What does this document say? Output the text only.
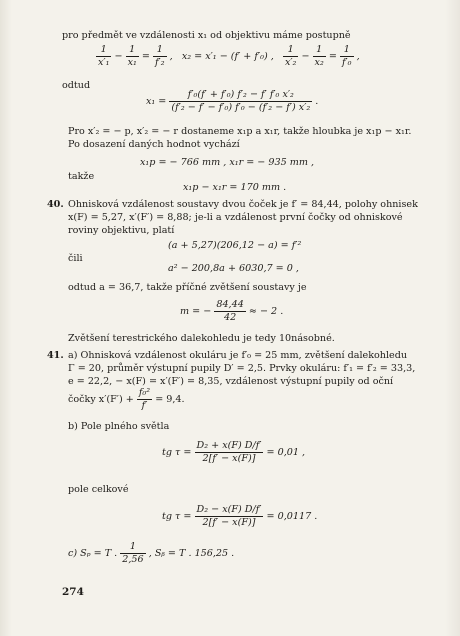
pro předmět ve vzdálenosti x₁ od objektivu máme postupně
$\frac{1}{\text{x′₁}} - \frac{1}{\text{x₁}} = \frac{1}{\text{f′₂}}$ ,   x₂ = x′₁ − (f′ + f′₀) , $\frac{1}{\text{x′₂}} - \frac{1}{\text{x₂}} = \frac{1}{\text{f′₀}}$ ,
odtud
$x_1 = \frac{\text{f′₀(f′ + f′₀) f′₂ − f′ f′₀ x′₂}}{\text{(f′₂ − f′ − f′₀) f′₀ − (f′₂ − f′) x′₂}}$ .
Pro x′₂ = − p, x′₂ = − r dostaneme x₁p a x₁r, takže hloubka je x₁p − x₁r.
Po dosazení daných hodnot vychází
x₁p = − 766 mm , x₁r = − 935 mm ,
takže
x₁p − x₁r = 170 mm .
40. Ohnisková vzdálenost soustavy dvou čoček je f′ = 84,44, polohy ohnisek
x(F) = 5,27, x′(F′) = 8,88; je-li a vzdálenost první čočky od ohniskové
roviny objektivu, platí
(a + 5,27)(206,12 − a) = f′²
čili
a² − 200,8a + 6030,7 = 0 ,
odtud a = 36,7, takže příčné zvětšení soustavy je
m = − $\frac{84,44}{42}$ ≈ − 2 .
Zvětšení terestrického dalekohledu je tedy 10násobné.
41. a) Ohnisková vzdálenost okuláru je f′₀ = 25 mm, zvětšení dalekohledu
Γ = 20, průměr výstupní pupily D′ = 2,5. Prvky okuláru: f′₁ = f′₂ = 33,3,
e = 22,2, − x(F) = x′(F′) = 8,35, vzdálenost výstupní pupily od oční
čočky $x'(F') + \frac{\text{f₀²}}{f'} = 9,4$.
b) Pole plného světla
tg $\tau = \frac{\text{D₂ + x(F) D/f′}}{2[f' - x(F)]} = 0,01$ ,
pole celkové
tg $\tau = \frac{\text{D₂ − x(F) D/f′}}{2[f' - x(F)]} = 0,0117$ .
c) Sₚ = T . $\frac{1}{2,56}$ , Sᵦ = T . 156,25 .
274
